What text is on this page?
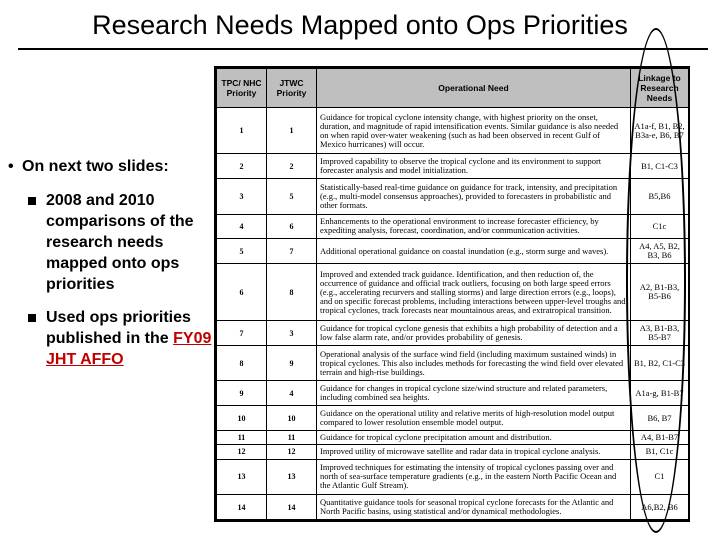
Research Needs Mapped onto Ops Priorities
• On next two slides:
2008 and 2010 comparisons of the research needs mapped onto ops priorities
Used ops priorities published in the FY09 JHT AFFO
TPC/ NHC Priority	JTWC Priority	Operational Need	Linkage to Research Needs
1	1	Guidance for tropical cyclone intensity change, with highest priority on the onset, duration, and magnitude of rapid intensification events. Similar guidance is also needed on when rapid over-water weakening (such as had been observed in recent Gulf of Mexico hurricanes) will occur.	A1a-f, B1, B2, B3a-e, B6, B7
2	2	Improved capability to observe the tropical cyclone and its environment to support forecaster analysis and model initialization.	B1, C1-C3
3	5	Statistically-based real-time guidance on guidance for track, intensity, and precipitation (e.g., multi-model consensus approaches), provided to forecasters in probabilistic and other formats.	B5,B6
4	6	Enhancements to the operational environment to increase forecaster efficiency, by expediting analysis, forecast, coordination, and/or communication activities.	C1c
5	7	Additional operational guidance on coastal inundation (e.g., storm surge and waves).	A4, A5, B2, B3, B6
6	8	Improved and extended track guidance. Identification, and then reduction of, the occurrence of guidance and official track outliers, focusing on both large speed errors (e.g., accelerating recurvers and stalling storms) and large direction errors (e.g., loops), and on specific forecast problems, including interactions between upper-level troughs and tropical cyclones, track forecasts near mountainous areas, and extratropical transition.	A2, B1-B3, B5-B6
7	3	Guidance for tropical cyclone genesis that exhibits a high probability of detection and a low false alarm rate, and/or provides probability of genesis.	A3, B1-B3, B5-B7
8	9	Operational analysis of the surface wind field (including maximum sustained winds) in tropical cyclones. This also includes methods for forecasting the wind field over elevated terrain and high-rise buildings.	B1, B2, C1-C3
9	4	Guidance for changes in tropical cyclone size/wind structure and related parameters, including combined sea heights.	A1a-g, B1-B7
10	10	Guidance on the operational utility and relative merits of high-resolution model output compared to lower resolution ensemble model output.	B6, B7
11	11	Guidance for tropical cyclone precipitation amount and distribution.	A4, B1-B7
12	12	Improved utility of microwave satellite and radar data in tropical cyclone analysis.	B1, C1c
13	13	Improved techniques for estimating the intensity of tropical cyclones passing over and north of sea-surface temperature gradients (e.g., in the eastern North Pacific Ocean and the Atlantic Gulf Stream).	C1
14	14	Quantitative guidance tools for seasonal tropical cyclone forecasts for the Atlantic and North Pacific basins, using statistical and/or dynamical methodologies.	A6,B2, B6
